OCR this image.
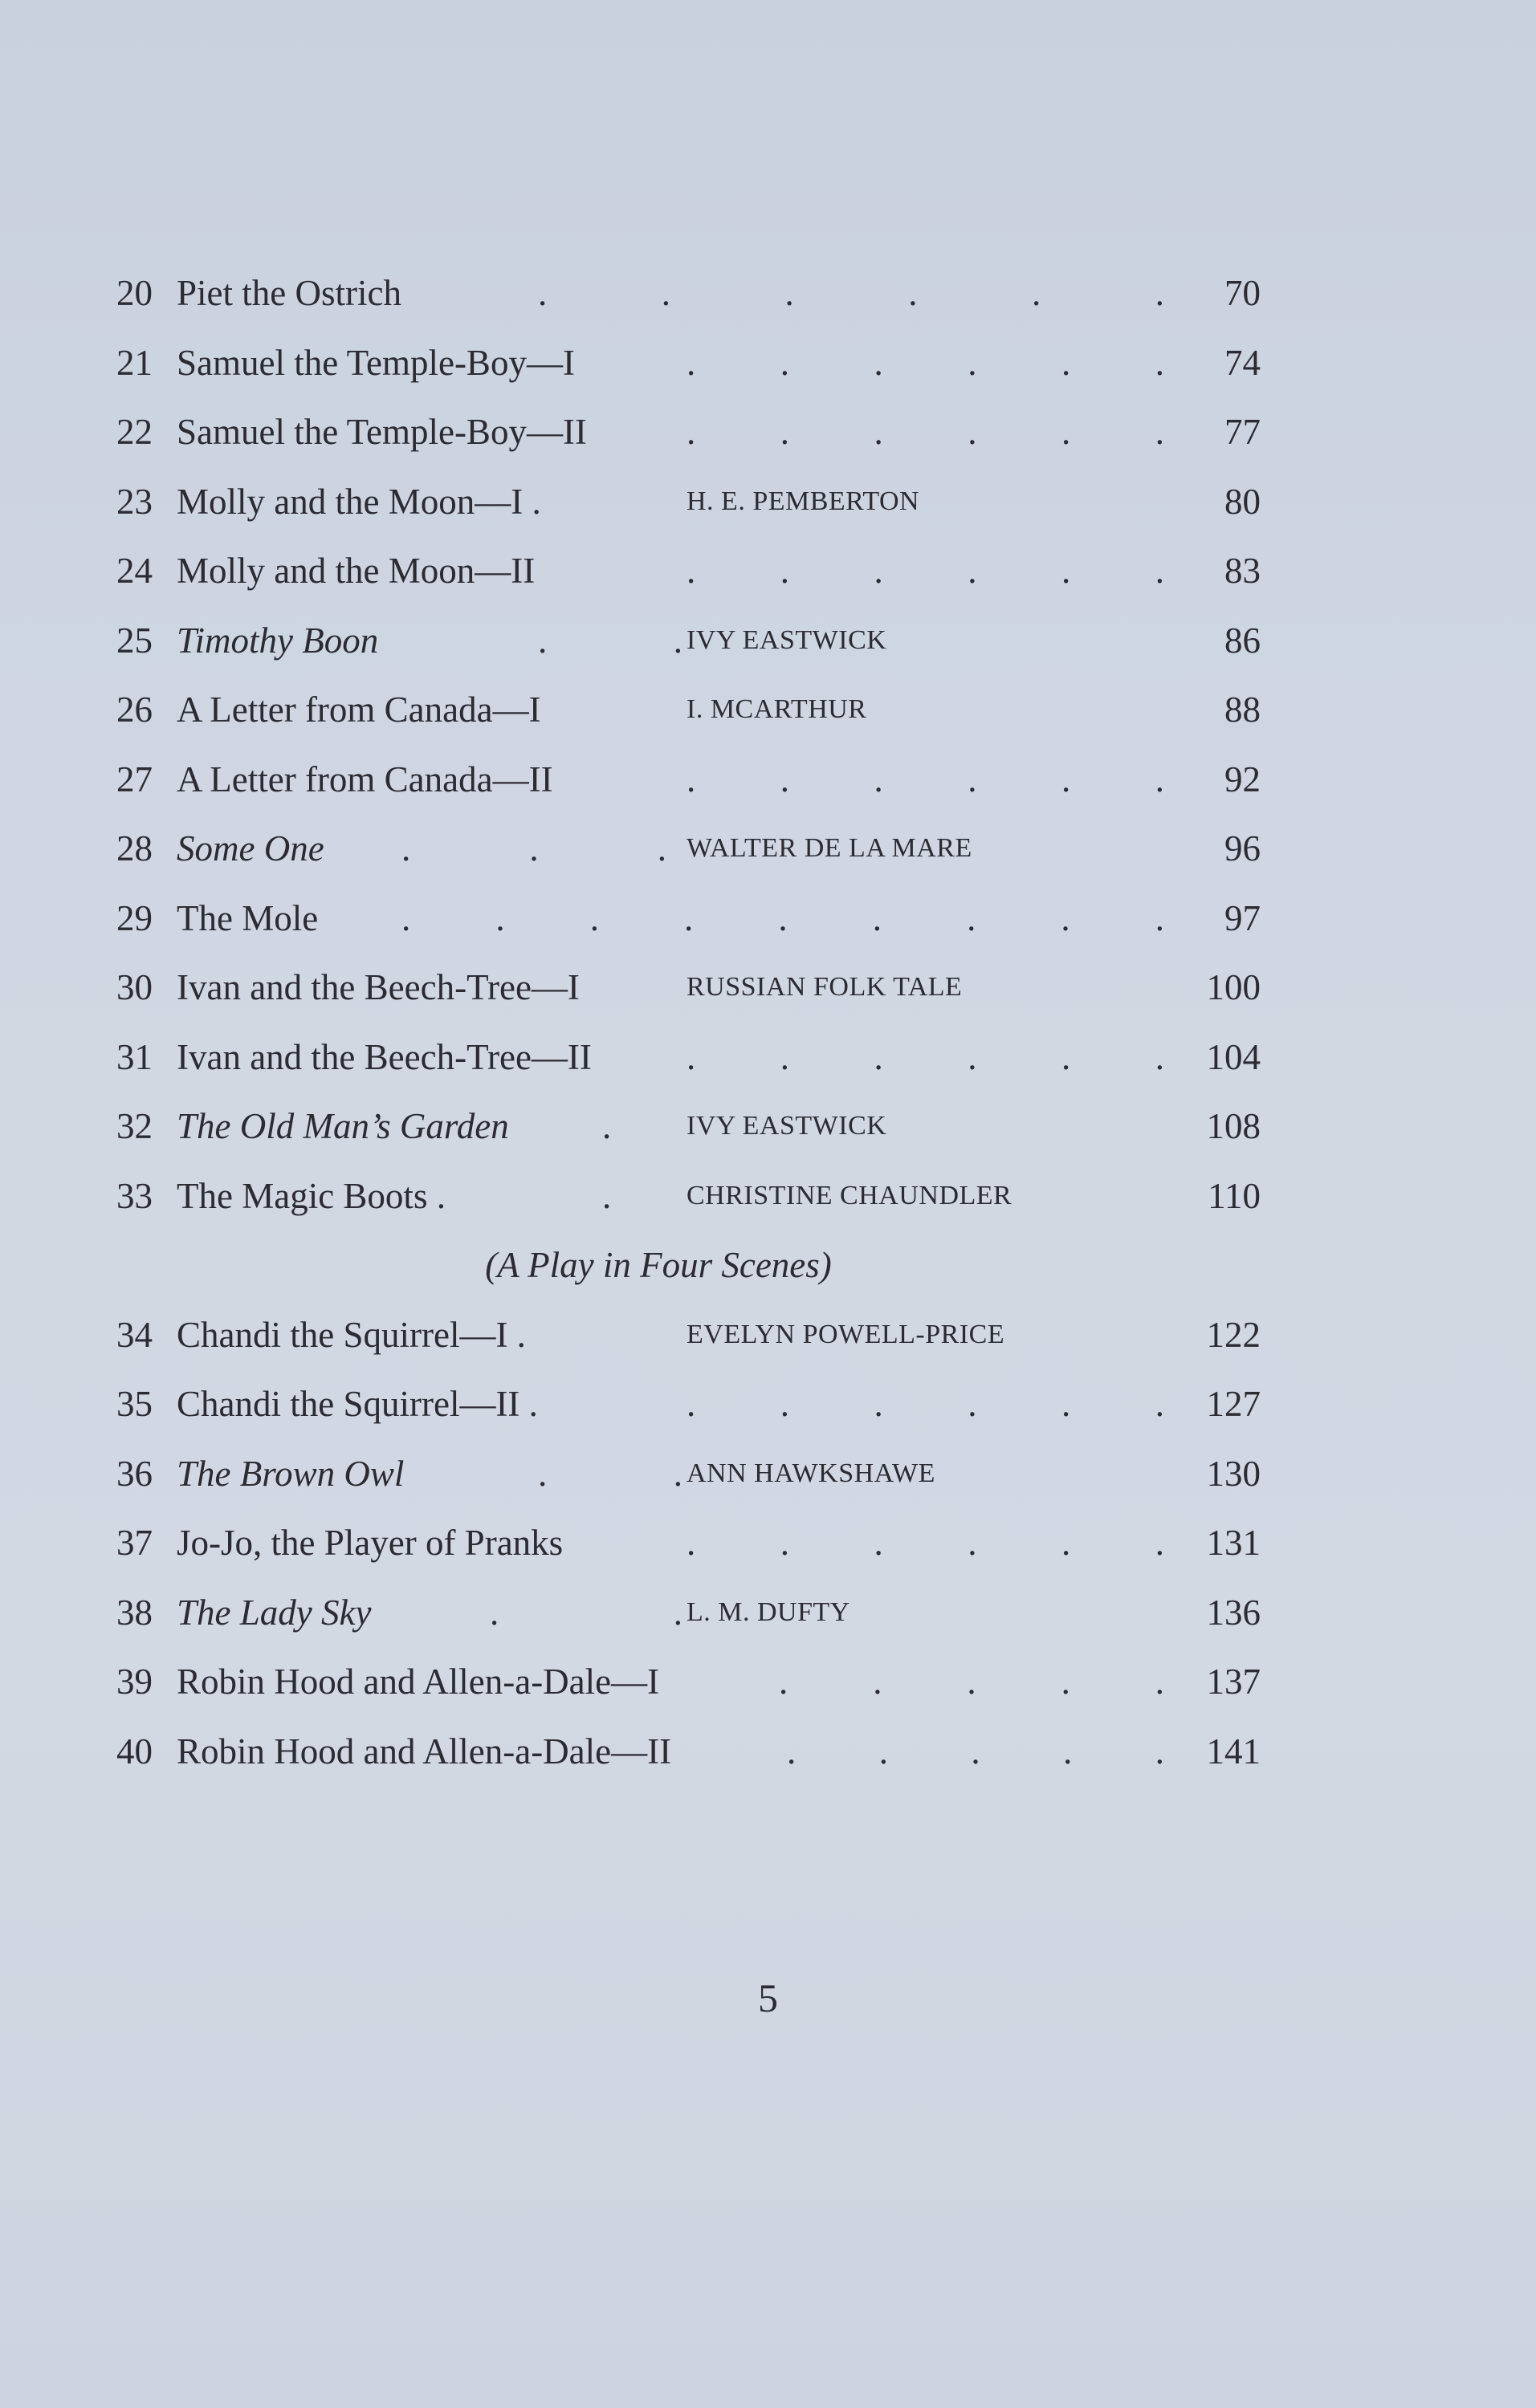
20 Piet the Ostrich	.	.	.	.	.	.	70
21 Samuel the Temple-Boy—I	. . . . . .	74
22 Samuel the Temple-Boy—II	. . . . . .	77
23 Molly and the Moon—I .	H. E. PEMBERTON	80
24 Molly and the Moon—II	. . . . . .	83
25 Timothy Boon	.	. IVY EASTWICK	86
26 A Letter from Canada—I	I. MCARTHUR	88
27 A Letter from Canada—II	. . . . . .	92
28 Some One .	.	. WALTER DE LA MARE	96
29 The Mole . . . . . . . . .	97
30 Ivan and the Beech-Tree—I	RUSSIAN FOLK TALE	100
31 Ivan and the Beech-Tree—II	. . . . . .	104
32 The Old Man’s Garden	.	IVY EASTWICK	108
33 The Magic Boots .	.	CHRISTINE CHAUNDLER	110
(A Play in Four Scenes)
34 Chandi the Squirrel—I .	EVELYN POWELL-PRICE	122
35 Chandi the Squirrel—II .	. . . . . .	127
36 The Brown Owl	.	. ANN HAWKSHAWE	130
37 Jo-Jo, the Player of Pranks	. . . . . .	131
38 The Lady Sky	.	. L. M. DUFTY	136
39 Robin Hood and Allen-a-Dale—I	. . . . .	137
40 Robin Hood and Allen-a-Dale—II	. . . . .	141
5
